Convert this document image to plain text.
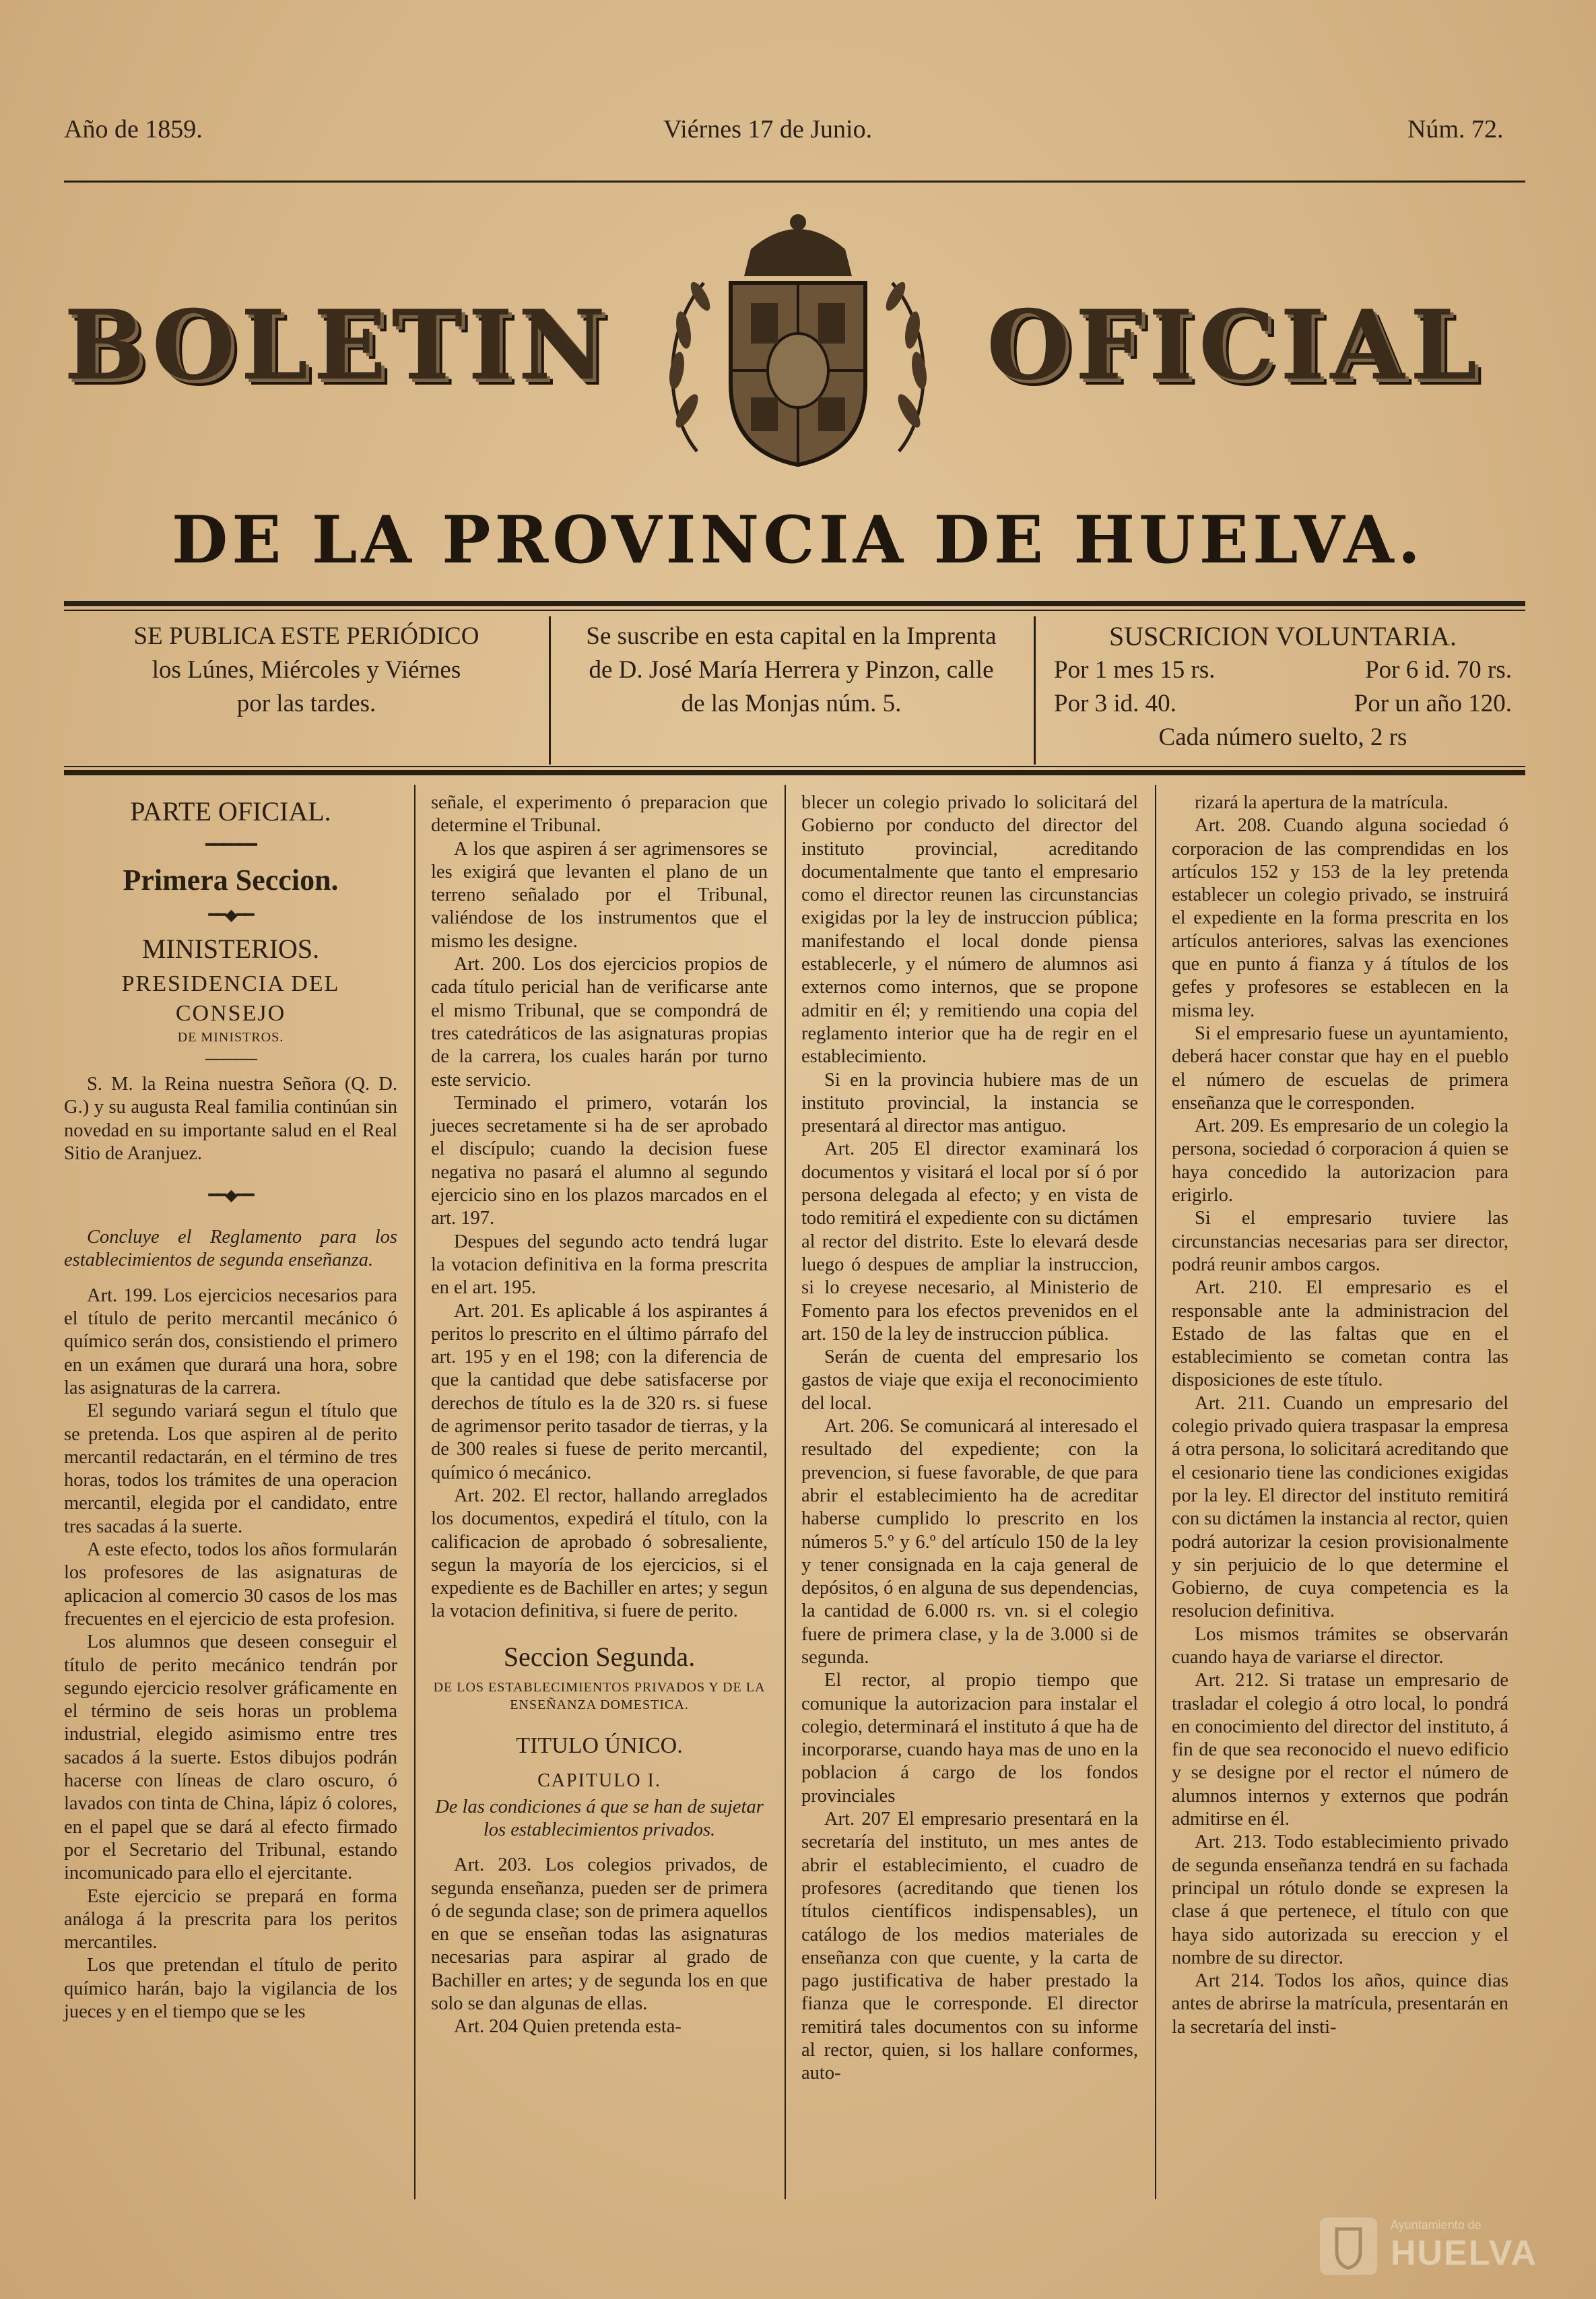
Año de 1859.	Viérnes 17 de Junio.	Núm. 72.
BOLETIN	OFICIAL
DE LA PROVINCIA DE HUELVA.
SE PUBLICA ESTE PERIÓDICO
los Lúnes, Miércoles y Viérnes
por las tardes.
Se suscribe en esta capital en la Imprenta
de D. José María Herrera y Pinzon, calle
de las Monjas núm. 5.
SUSCRICION VOLUNTARIA.
Por 1 mes 15 rs.	Por 6 id. 70 rs.
Por 3 id. 40.	Por un año 120.
Cada número suelto, 2 rs

PARTE OFICIAL.

━━━━━━

Primera Seccion.

━━◆━━

MINISTERIOS.

PRESIDENCIA DEL CONSEJO

DE MINISTROS.

─────

S. M. la Reina nuestra Señora (Q. D. G.) y su augusta Real familia continúan sin novedad en su importante salud en el Real Sitio de Aranjuez.

━━◆━━

Concluye el Reglamento para los establecimientos de segunda enseñanza.

Art. 199. Los ejercicios necesarios para el título de perito mercantil mecánico ó químico serán dos, consistiendo el primero en un exámen que durará una hora, sobre las asignaturas de la carrera.

El segundo variará segun el título que se pretenda. Los que aspiren al de perito mercantil redactarán, en el término de tres horas, todos los trámites de una operacion mercantil, elegida por el candidato, entre tres sacadas á la suerte.

A este efecto, todos los años formularán los profesores de las asignaturas de aplicacion al comercio 30 casos de los mas frecuentes en el ejercicio de esta profesion.

Los alumnos que deseen conseguir el título de perito mecánico tendrán por segundo ejercicio resolver gráficamente en el término de seis horas un problema industrial, elegido asimismo entre tres sacados á la suerte. Estos dibujos podrán hacerse con líneas de claro oscuro, ó lavados con tinta de China, lápiz ó colores, en el papel que se dará al efecto firmado por el Secretario del Tribunal, estando incomunicado para ello el ejercitante.

Este ejercicio se prepará en forma análoga á la prescrita para los peritos mercantiles.

Los que pretendan el título de perito químico harán, bajo la vigilancia de los jueces y en el tiempo que se les

señale, el experimento ó preparacion que determine el Tribunal.

A los que aspiren á ser agrimensores se les exigirá que levanten el plano de un terreno señalado por el Tribunal, valiéndose de los instrumentos que el mismo les designe.

Art. 200. Los dos ejercicios propios de cada título pericial han de verificarse ante el mismo Tribunal, que se compondrá de tres catedráticos de las asignaturas propias de la carrera, los cuales harán por turno este servicio.

Terminado el primero, votarán los jueces secretamente si ha de ser aprobado el discípulo; cuando la decision fuese negativa no pasará el alumno al segundo ejercicio sino en los plazos marcados en el art. 197.

Despues del segundo acto tendrá lugar la votacion definitiva en la forma prescrita en el art. 195.

Art. 201. Es aplicable á los aspirantes á peritos lo prescrito en el último párrafo del art. 195 y en el 198; con la diferencia de que la cantidad que debe satisfacerse por derechos de título es la de 320 rs. si fuese de agrimensor perito tasador de tierras, y la de 300 reales si fuese de perito mercantil, químico ó mecánico.

Art. 202. El rector, hallando arreglados los documentos, expedirá el título, con la calificacion de aprobado ó sobresaliente, segun la mayoría de los ejercicios, si el expediente es de Bachiller en artes; y segun la votacion definitiva, si fuere de perito.

Seccion Segunda.

DE LOS ESTABLECIMIENTOS PRIVADOS Y DE LA ENSEÑANZA DOMESTICA.

TITULO ÚNICO.

CAPITULO I.

De las condiciones á que se han de sujetar los establecimientos privados.

Art. 203. Los colegios privados, de segunda enseñanza, pueden ser de primera ó de segunda clase; son de primera aquellos en que se enseñan todas las asignaturas necesarias para aspirar al grado de Bachiller en artes; y de segunda los en que solo se dan algunas de ellas.

Art. 204 Quien pretenda esta-

blecer un colegio privado lo solicitará del Gobierno por conducto del director del instituto provincial, acreditando documentalmente que tanto el empresario como el director reunen las circunstancias exigidas por la ley de instruccion pública; manifestando el local donde piensa establecerle, y el número de alumnos asi externos como internos, que se propone admitir en él; y remitiendo una copia del reglamento interior que ha de regir en el establecimiento.

Si en la provincia hubiere mas de un instituto provincial, la instancia se presentará al director mas antiguo.

Art. 205 El director examinará los documentos y visitará el local por sí ó por persona delegada al efecto; y en vista de todo remitirá el expediente con su dictámen al rector del distrito. Este lo elevará desde luego ó despues de ampliar la instruccion, si lo creyese necesario, al Ministerio de Fomento para los efectos prevenidos en el art. 150 de la ley de instruccion pública.

Serán de cuenta del empresario los gastos de viaje que exija el reconocimiento del local.

Art. 206. Se comunicará al interesado el resultado del expediente; con la prevencion, si fuese favorable, de que para abrir el establecimiento ha de acreditar haberse cumplido lo prescrito en los números 5.º y 6.º del artículo 150 de la ley y tener consignada en la caja general de depósitos, ó en alguna de sus dependencias, la cantidad de 6.000 rs. vn. si el colegio fuere de primera clase, y la de 3.000 si de segunda.

El rector, al propio tiempo que comunique la autorizacion para instalar el colegio, determinará el instituto á que ha de incorporarse, cuando haya mas de uno en la poblacion á cargo de los fondos provinciales

Art. 207 El empresario presentará en la secretaría del instituto, un mes antes de abrir el establecimiento, el cuadro de profesores (acreditando que tienen los títulos científicos indispensables), un catálogo de los medios materiales de enseñanza con que cuente, y la carta de pago justificativa de haber prestado la fianza que le corresponde. El director remitirá tales documentos con su informe al rector, quien, si los hallare conformes, auto-

rizará la apertura de la matrícula.

Art. 208. Cuando alguna sociedad ó corporacion de las comprendidas en los artículos 152 y 153 de la ley pretenda establecer un colegio privado, se instruirá el expediente en la forma prescrita en los artículos anteriores, salvas las exenciones que en punto á fianza y á títulos de los gefes y profesores se establecen en la misma ley.

Si el empresario fuese un ayuntamiento, deberá hacer constar que hay en el pueblo el número de escuelas de primera enseñanza que le corresponden.

Art. 209. Es empresario de un colegio la persona, sociedad ó corporacion á quien se haya concedido la autorizacion para erigirlo.

Si el empresario tuviere las circunstancias necesarias para ser director, podrá reunir ambos cargos.

Art. 210. El empresario es el responsable ante la administracion del Estado de las faltas que en el establecimiento se cometan contra las disposiciones de este título.

Art. 211. Cuando un empresario del colegio privado quiera traspasar la empresa á otra persona, lo solicitará acreditando que el cesionario tiene las condiciones exigidas por la ley. El director del instituto remitirá con su dictámen la instancia al rector, quien podrá autorizar la cesion provisionalmente y sin perjuicio de lo que determine el Gobierno, de cuya competencia es la resolucion definitiva.

Los mismos trámites se observarán cuando haya de variarse el director.

Art. 212. Si tratase un empresario de trasladar el colegio á otro local, lo pondrá en conocimiento del director del instituto, á fin de que sea reconocido el nuevo edificio y se designe por el rector el número de alumnos internos y externos que podrán admitirse en él.

Art. 213. Todo establecimiento privado de segunda enseñanza tendrá en su fachada principal un rótulo donde se expresen la clase á que pertenece, el título con que haya sido autorizada su ereccion y el nombre de su director.

Art 214. Todos los años, quince dias antes de abrirse la matrícula, presentarán en la secretaría del insti-

Ayuntamiento de
HUELVA
